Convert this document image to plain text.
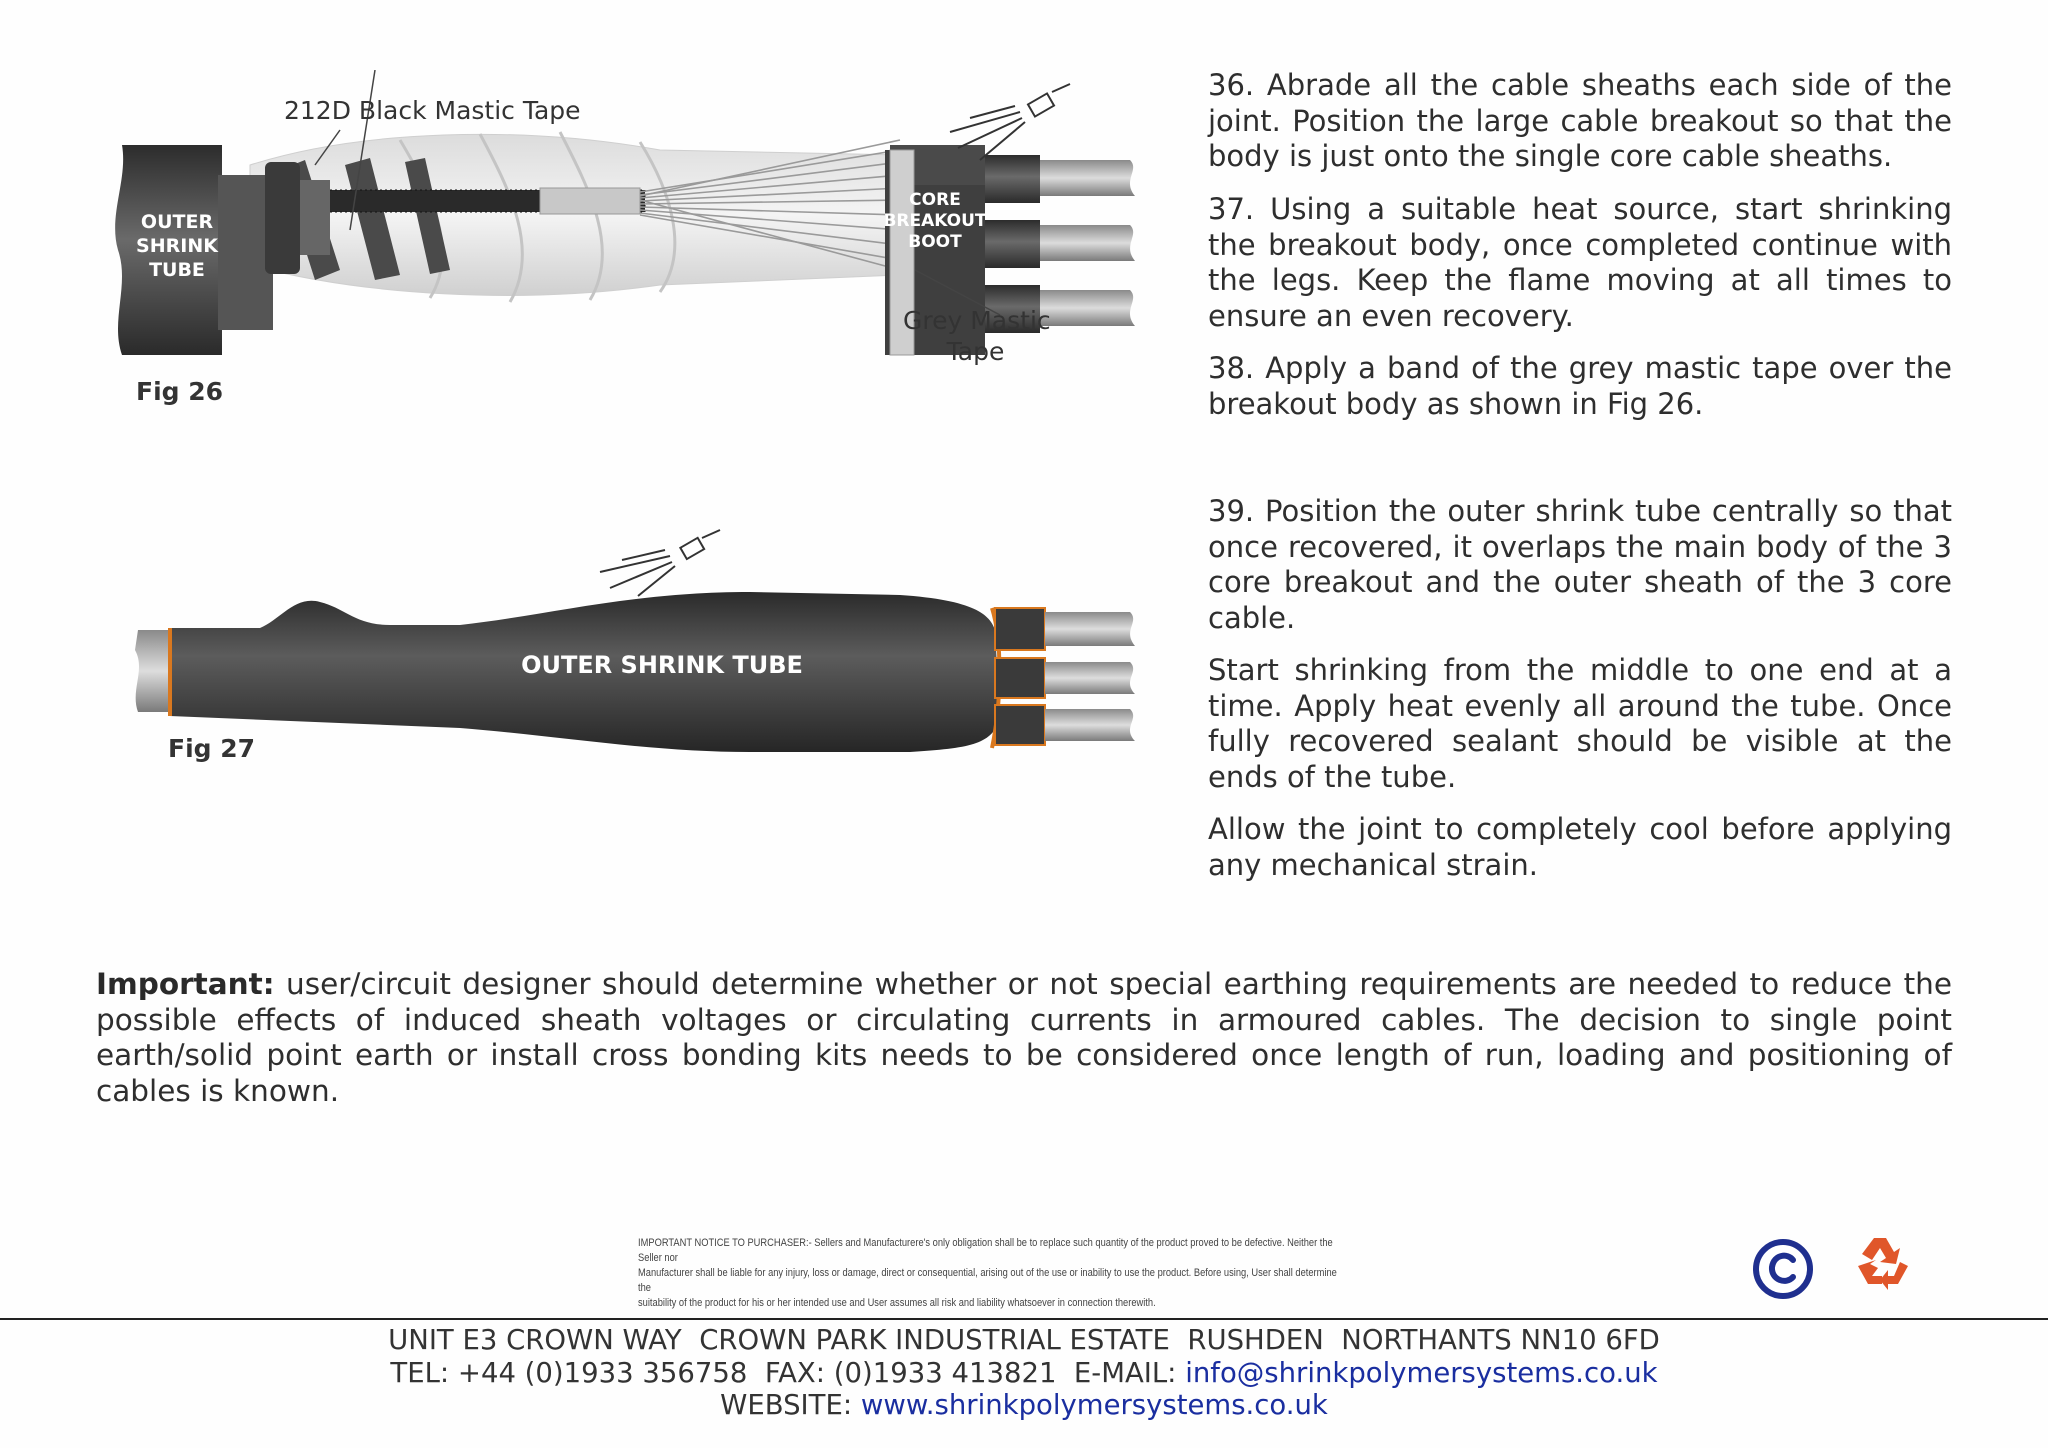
OUTER
SHRINK
TUBE
CORE
BREAKOUT
BOOT
212D Black Mastic Tape
Grey Mastic
Tape
Fig 26
OUTER SHRINK TUBE
Fig 27

36. Abrade all the cable sheaths each side of the joint. Position the large cable breakout so that the body is just onto the single core cable sheaths.

37. Using a suitable heat source, start shrinking the breakout body, once completed continue with the legs. Keep the flame moving at all times to ensure an even recovery.

38. Apply a band of the grey mastic tape over the breakout body as shown in Fig 26.

39. Position the outer shrink tube centrally so that once recovered, it overlaps the main body of the 3 core breakout and the outer sheath of the 3 core cable.

Start shrinking from the middle to one end at a time. Apply heat evenly all around the tube. Once fully recovered sealant should be visible at the ends of the tube.

Allow the joint to completely cool before applying any mechanical strain.

Important: user/circuit designer should determine whether or not special earthing requirements are needed to reduce the possible effects of induced sheath voltages or circulating currents in armoured cables. The decision to single point earth/solid point earth or install cross bonding kits needs to be considered once length of run, loading and positioning of cables is known.
IMPORTANT NOTICE TO PURCHASER:- Sellers and Manufacturere's only obligation shall be to replace such quantity of the product proved to be defective. Neither the Seller nor
Manufacturer shall be liable for any injury, loss or damage, direct or consequential, arising out of the use or inability to use the product. Before using, User shall determine the
suitability of the product for his or her intended use and User assumes all risk and liability whatsoever in connection therewith.
UNIT E3 CROWN WAY  CROWN PARK INDUSTRIAL ESTATE  RUSHDEN  NORTHANTS NN10 6FD
TEL: +44 (0)1933 356758  FAX: (0)1933 413821  E-MAIL: info@shrinkpolymersystems.co.uk
WEBSITE: www.shrinkpolymersystems.co.uk
